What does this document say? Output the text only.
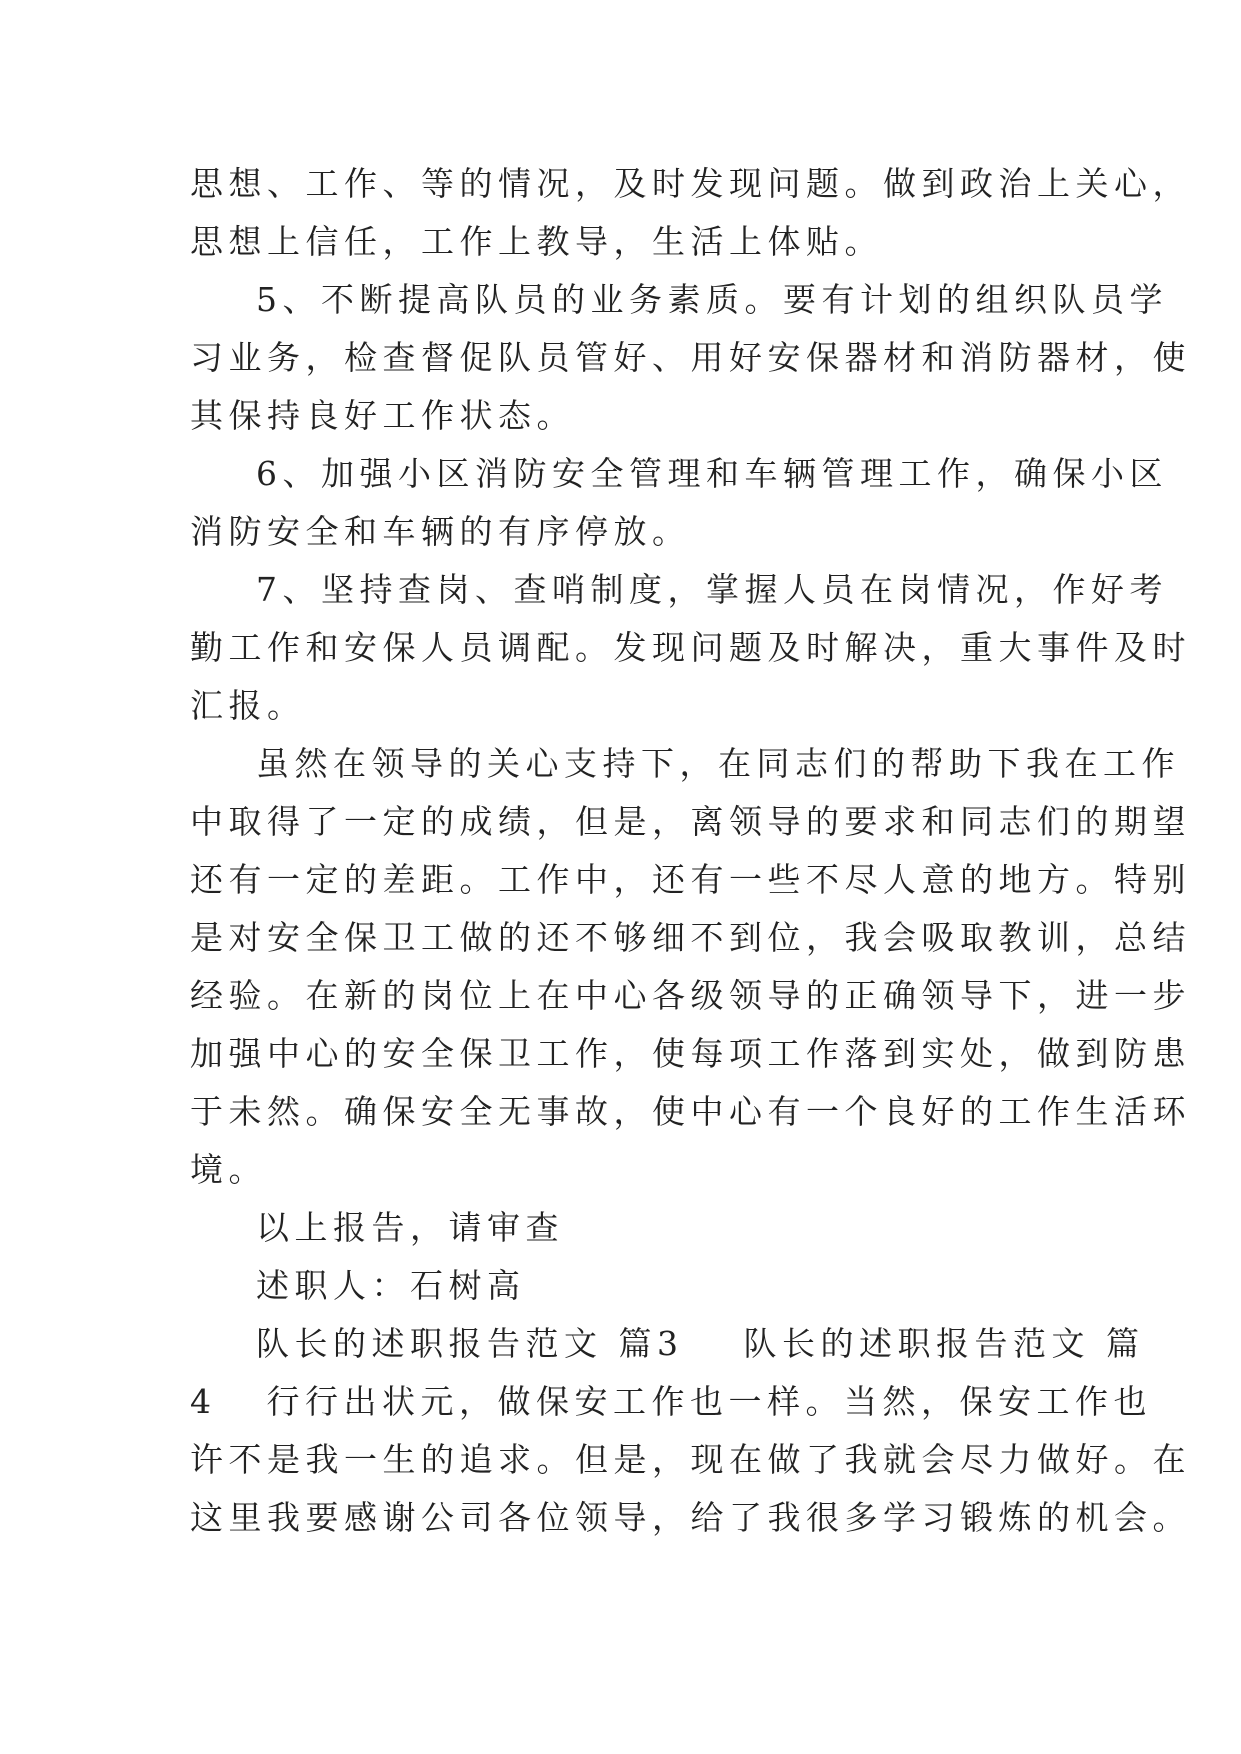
思想、工作、等的情况，及时发现问题。做到政治上关心，
思想上信任，工作上教导，生活上体贴。
5、不断提高队员的业务素质。要有计划的组织队员学
习业务，检查督促队员管好、用好安保器材和消防器材，使
其保持良好工作状态。
6、加强小区消防安全管理和车辆管理工作，确保小区
消防安全和车辆的有序停放。
7、坚持查岗、查哨制度，掌握人员在岗情况，作好考
勤工作和安保人员调配。发现问题及时解决，重大事件及时
汇报。
虽然在领导的关心支持下，在同志们的帮助下我在工作
中取得了一定的成绩，但是，离领导的要求和同志们的期望
还有一定的差距。工作中，还有一些不尽人意的地方。特别
是对安全保卫工做的还不够细不到位，我会吸取教训，总结
经验。在新的岗位上在中心各级领导的正确领导下，进一步
加强中心的安全保卫工作，使每项工作落到实处，做到防患
于未然。确保安全无事故，使中心有一个良好的工作生活环
境。
以上报告，请审查
述职人：石树高
队长的述职报告范文 篇3 队长的述职报告范文 篇
4 行行出状元，做保安工作也一样。当然，保安工作也
许不是我一生的追求。但是，现在做了我就会尽力做好。在
这里我要感谢公司各位领导，给了我很多学习锻炼的机会。
